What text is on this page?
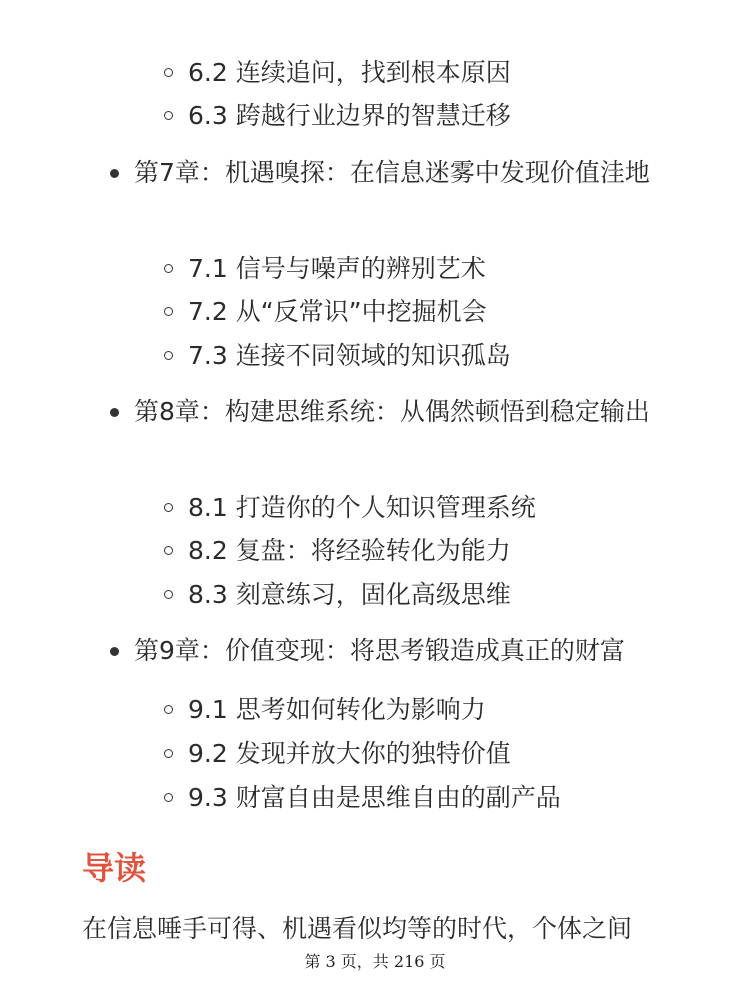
6.2 连续追问，找到根本原因
6.3 跨越行业边界的智慧迁移
第7章：机遇嗅探：在信息迷雾中发现价值洼地
7.1 信号与噪声的辨别艺术
7.2 从“反常识”中挖掘机会
7.3 连接不同领域的知识孤岛
第8章：构建思维系统：从偶然顿悟到稳定输出
8.1 打造你的个人知识管理系统
8.2 复盘：将经验转化为能力
8.3 刻意练习，固化高级思维
第9章：价值变现：将思考锻造成真正的财富
9.1 思考如何转化为影响力
9.2 发现并放大你的独特价值
9.3 财富自由是思维自由的副产品
导读
在信息唾手可得、机遇看似均等的时代，个体之间
第 3 页，共 216 页
